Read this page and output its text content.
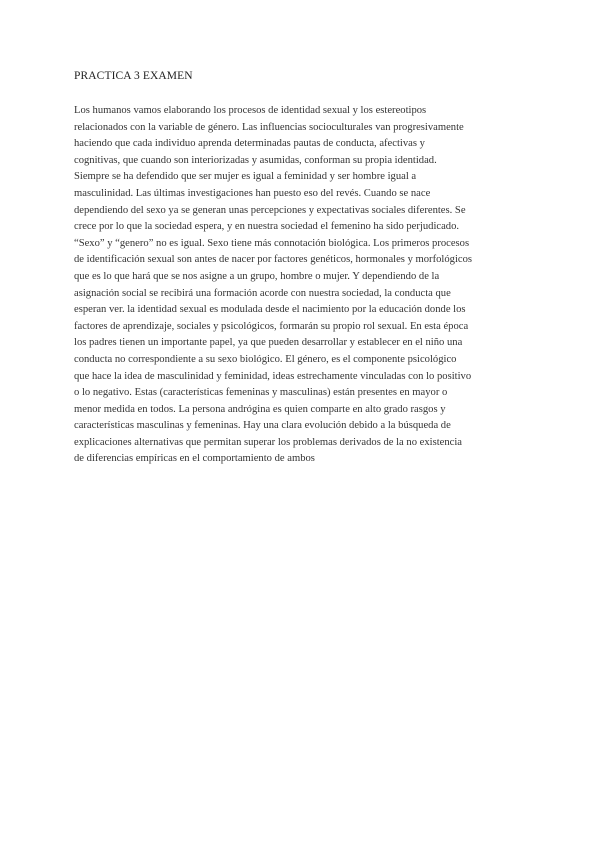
PRACTICA 3 EXAMEN
Los humanos vamos elaborando los procesos de identidad sexual y los estereotipos
relacionados con la variable de género. Las influencias socioculturales van progresivamente
haciendo que cada individuo aprenda determinadas pautas de conducta, afectivas y
cognitivas, que cuando son interiorizadas y asumidas, conforman su propia identidad.
Siempre se ha defendido que ser mujer es igual a feminidad y ser hombre igual a
masculinidad. Las últimas investigaciones han puesto eso del revés. Cuando se nace
dependiendo del sexo ya se generan unas percepciones y expectativas sociales diferentes. Se
crece por lo que la sociedad espera, y en nuestra sociedad el femenino ha sido perjudicado.
“Sexo” y “genero” no es igual. Sexo tiene más connotación biológica. Los primeros procesos
de identificación sexual son antes de nacer por factores genéticos, hormonales y morfológicos
que es lo que hará que se nos asigne a un grupo, hombre o mujer. Y dependiendo de la
asignación social se recibirá una formación acorde con nuestra sociedad, la conducta que
esperan ver. la identidad sexual es modulada desde el nacimiento por la educación donde los
factores de aprendizaje, sociales y psicológicos, formarán su propio rol sexual. En esta época
los padres tienen un importante papel, ya que pueden desarrollar y establecer en el niño una
conducta no correspondiente a su sexo biológico. El género, es el componente psicológico
que hace la idea de masculinidad y feminidad, ideas estrechamente vinculadas con lo positivo
o lo negativo. Estas (características femeninas y masculinas) están presentes en mayor o
menor medida en todos. La persona andrógina es quien comparte en alto grado rasgos y
características masculinas y femeninas. Hay una clara evolución debido a la búsqueda de
explicaciones alternativas que permitan superar los problemas derivados de la no existencia
de diferencias empíricas en el comportamiento de ambos
